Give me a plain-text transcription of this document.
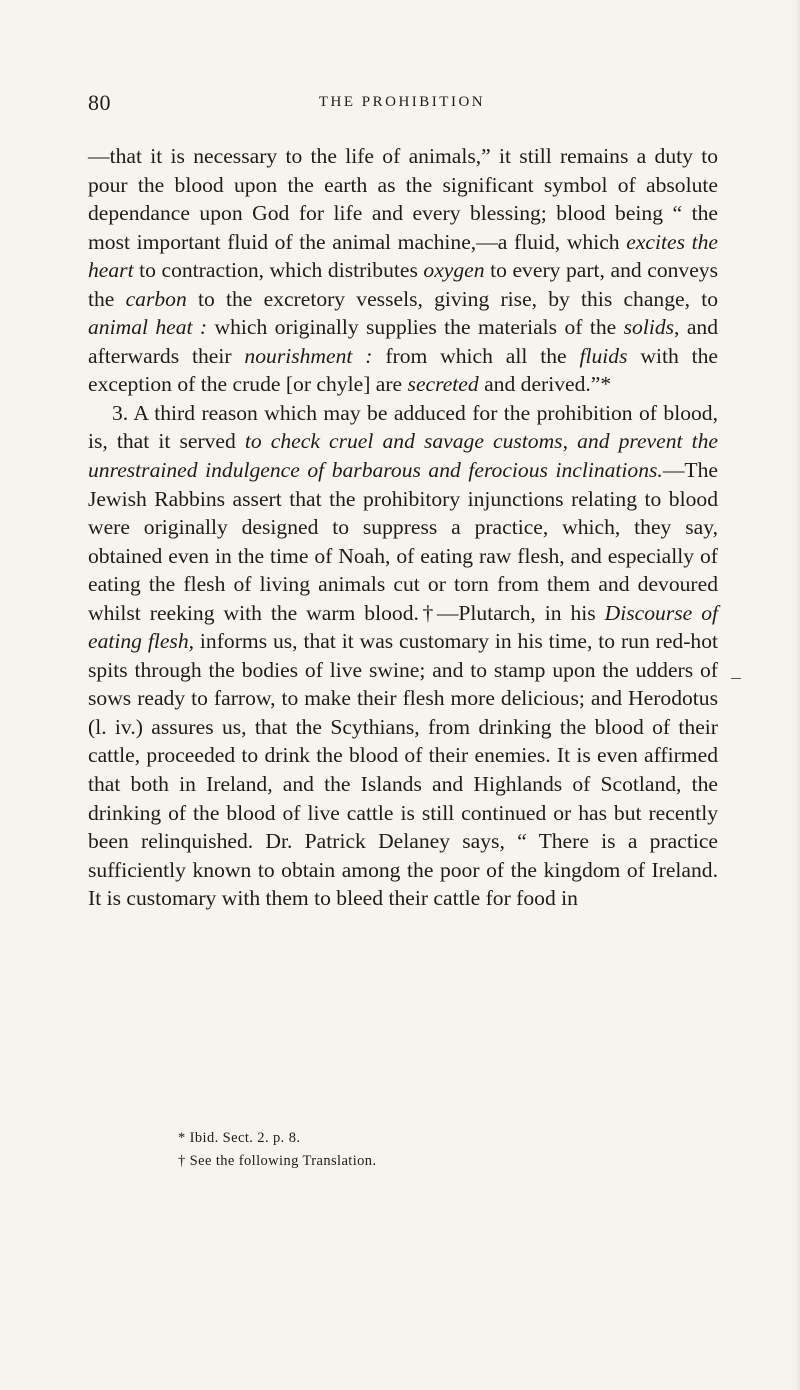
80	THE PROHIBITION

—that it is necessary to the life of animals,” it still remains a duty to pour the blood upon the earth as the significant symbol of absolute dependance upon God for life and every blessing; blood being “ the most important fluid of the animal machine,—a fluid, which excites the heart to contraction, which distributes oxygen to every part, and conveys the carbon to the excretory vessels, giving rise, by this change, to animal heat : which originally supplies the materials of the solids, and afterwards their nourishment : from which all the fluids with the exception of the crude [or chyle] are secreted and derived.”*

3. A third reason which may be adduced for the prohibition of blood, is, that it served to check cruel and savage customs, and prevent the unrestrained indulgence of barbarous and ferocious inclinations.—The Jewish Rabbins assert that the prohibitory injunctions relating to blood were originally designed to suppress a practice, which, they say, obtained even in the time of Noah, of eating raw flesh, and especially of eating the flesh of living animals cut or torn from them and devoured whilst reeking with the warm blood.†—Plutarch, in his Discourse of eating flesh, informs us, that it was customary in his time, to run red-hot spits through the bodies of live swine; and to stamp upon the udders of sows ready to farrow, to make their flesh more delicious; and Herodotus (l. iv.) assures us, that the Scythians, from drinking the blood of their cattle, proceeded to drink the blood of their enemies. It is even affirmed that both in Ireland, and the Islands and Highlands of Scotland, the drinking of the blood of live cattle is still continued or has but recently been relinquished. Dr. Patrick Delaney says, “ There is a practice sufficiently known to obtain among the poor of the kingdom of Ireland. It is customary with them to bleed their cattle for food in

* Ibid. Sect. 2. p. 8.
† See the following Translation.
